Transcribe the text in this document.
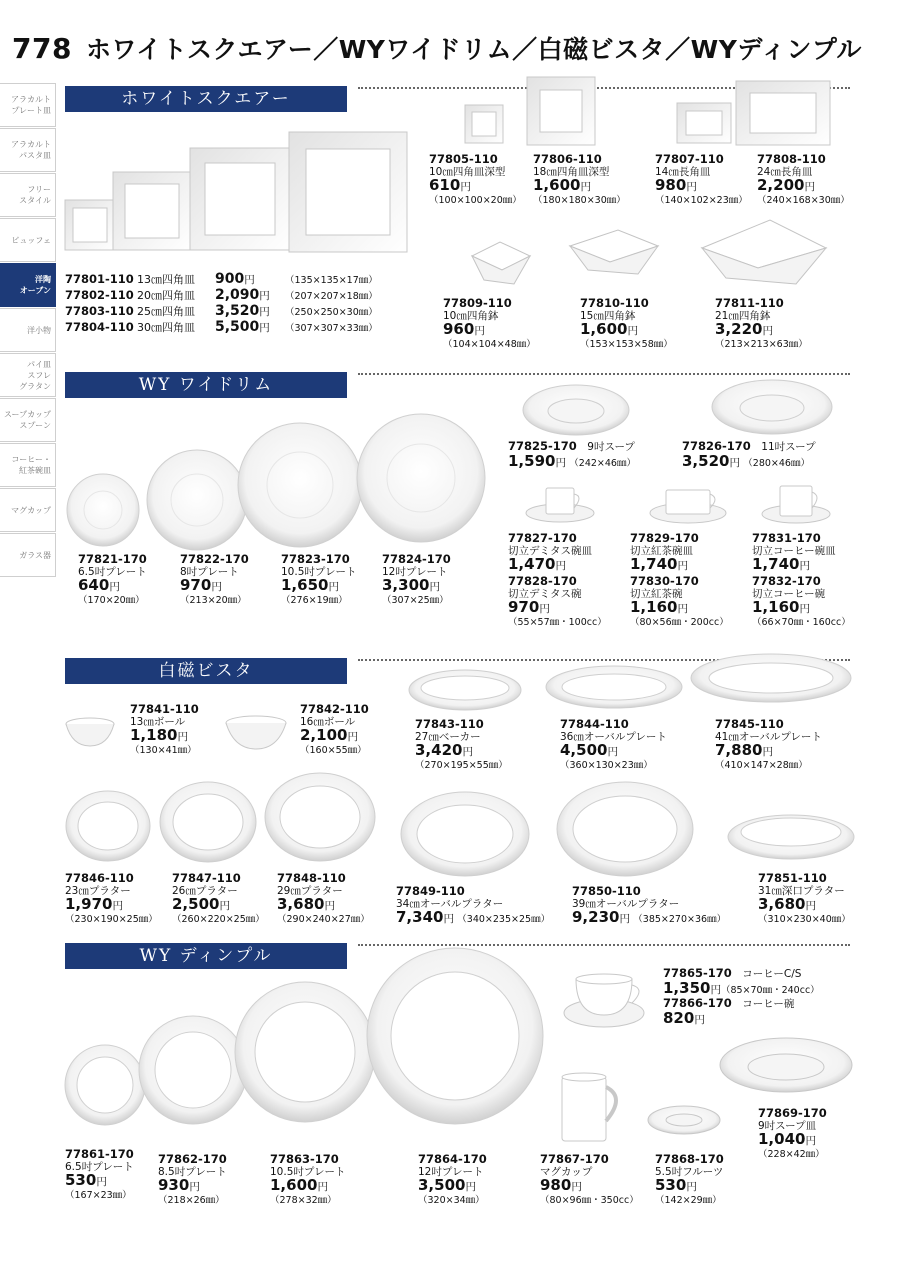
778 ホワイトスクエアー／WYワイドリム／白磁ビスタ／WYディンプル
アラカルト
プレート皿
アラカルト
パスタ皿
フリー
スタイル
ビュッフェ
洋陶
オーブン
洋小物
パイ皿
スフレ
グラタン
スープカップ
スプーン
コーヒー・
紅茶碗皿
マグカップ
ガラス器
ホワイトスクエアー
77801-110 13㎝四角皿 900円	（135×135×17㎜）
77802-110 20㎝四角皿 2,090円 （207×207×18㎜）
77803-110 25㎝四角皿 3,520円 （250×250×30㎜）
77804-110 30㎝四角皿 5,500円 （307×307×33㎜）
77805-110
10㎝四角皿深型
610円
（100×100×20㎜）
77806-110
18㎝四角皿深型
1,600円
（180×180×30㎜）
77807-110
14㎝長角皿
980円
（140×102×23㎜）
77808-110
24㎝長角皿
2,200円
（240×168×30㎜）
77809-110
10㎝四角鉢
960円
（104×104×48㎜）
77810-110
15㎝四角鉢
1,600円
（153×153×58㎜）
77811-110
21㎝四角鉢
3,220円
（213×213×63㎜）
WY ワイドリム
77821-170
6.5吋プレート
640円
（170×20㎜）
77822-170
8吋プレート
970円
（213×20㎜）
77823-170
10.5吋プレート
1,650円
（276×19㎜）
77824-170
12吋プレート
3,300円
（307×25㎜）
77825-170　 9吋スープ
1,590円 （242×46㎜）
77826-170　 11吋スープ
3,520円 （280×46㎜）
77827-170
切立デミタス碗皿
1,470円
77828-170
切立デミタス碗
970円
（55×57㎜・100cc）
77829-170
切立紅茶碗皿
1,740円
77830-170
切立紅茶碗
1,160円
（80×56㎜・200cc）
77831-170
切立コーヒー碗皿
1,740円
77832-170
切立コーヒー碗
1,160円
（66×70㎜・160cc）
白磁ビスタ
77841-110
13㎝ボール
1,180円
（130×41㎜）
77842-110
16㎝ボール
2,100円
（160×55㎜）
77843-110
27㎝ベーカー
3,420円
（270×195×55㎜）
77844-110
36㎝オーバルプレート
4,500円
（360×130×23㎜）
77845-110
41㎝オーバルプレート
7,880円
（410×147×28㎜）
77846-110
23㎝プラター
1,970円
（230×190×25㎜）
77847-110
26㎝プラター
2,500円
（260×220×25㎜）
77848-110
29㎝プラター
3,680円
（290×240×27㎜）
77849-110
34㎝オーバルプラター
7,340円 （340×235×25㎜）
77850-110
39㎝オーバルプラター
9,230円 （385×270×36㎜）
77851-110
31㎝深口プラター
3,680円
（310×230×40㎜）
WY ディンプル
77861-170
6.5吋プレート
530円
（167×23㎜）
77862-170
8.5吋プレート
930円
（218×26㎜）
77863-170
10.5吋プレート
1,600円
（278×32㎜）
77864-170
12吋プレート
3,500円
（320×34㎜）
77865-170　 コーヒーC/S
1,350円（85×70㎜・240cc）
77866-170　 コーヒー碗
820円
77867-170
マグカップ
980円
（80×96㎜・350cc）
77868-170
5.5吋フルーツ
530円
（142×29㎜）
77869-170
9吋スープ皿
1,040円
（228×42㎜）
